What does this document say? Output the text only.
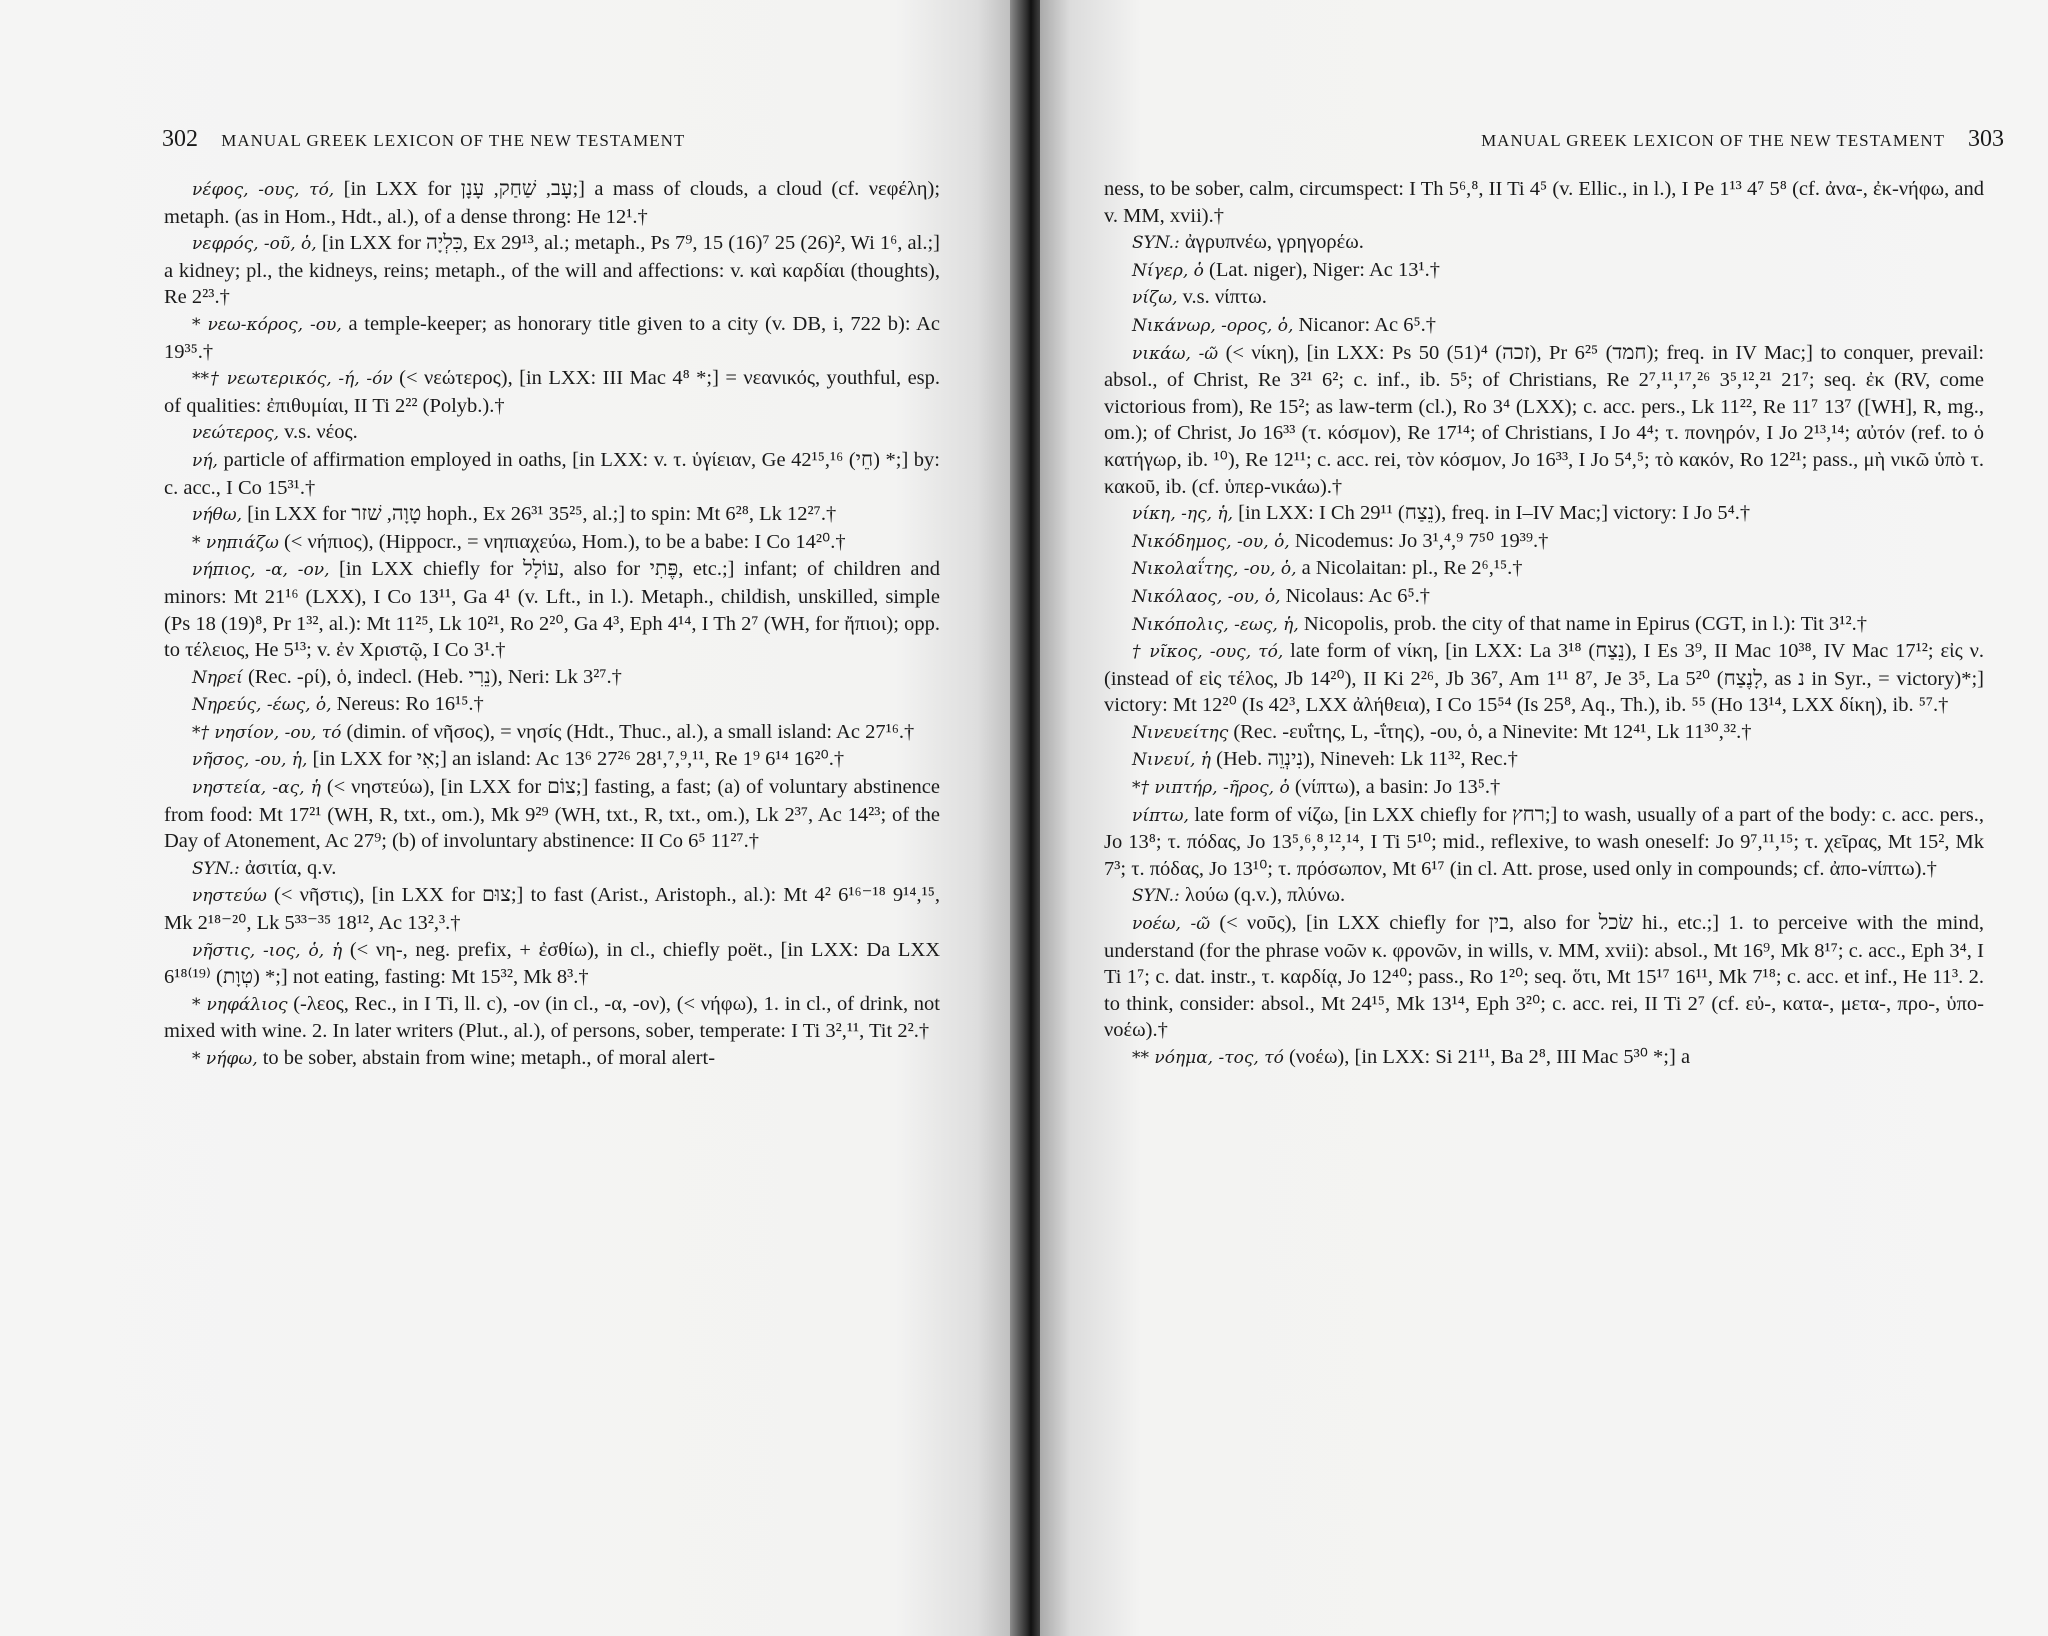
302 MANUAL GREEK LEXICON OF THE NEW TESTAMENT

νέφος, -ους, τό, [in LXX for עָב, שַׁחַק, עָנָן;] a mass of clouds, a cloud (cf. νεφέλη); metaph. (as in Hom., Hdt., al.), of a dense throng: He 12¹.†

νεφρός, -οῦ, ὁ, [in LXX for כִּלְיָה, Ex 29¹³, al.; metaph., Ps 7⁹, 15 (16)⁷ 25 (26)², Wi 1⁶, al.;] a kidney; pl., the kidneys, reins; metaph., of the will and affections: v. καὶ καρδίαι (thoughts), Re 2²³.†

* νεω-κόρος, -ου, a temple-keeper; as honorary title given to a city (v. DB, i, 722 b): Ac 19³⁵.†

**† νεωτερικός, -ή, -όν (< νεώτερος), [in LXX: III Mac 4⁸ *;] = νεανικός, youthful, esp. of qualities: ἐπιθυμίαι, II Ti 2²² (Polyb.).†

νεώτερος, v.s. νέος.

νή, particle of affirmation employed in oaths, [in LXX: v. τ. ὑγίειαν, Ge 42¹⁵,¹⁶ (חֵי) *;] by: c. acc., I Co 15³¹.†

νήθω, [in LXX for טָוָה, שׁזר hoph., Ex 26³¹ 35²⁵, al.;] to spin: Mt 6²⁸, Lk 12²⁷.†

* νηπιάζω (< νήπιος), (Hippocr., = νηπιαχεύω, Hom.), to be a babe: I Co 14²⁰.†

νήπιος, -α, -ον, [in LXX chiefly for עוֹלָל, also for פֶּתִי, etc.;] infant; of children and minors: Mt 21¹⁶ (LXX), I Co 13¹¹, Ga 4¹ (v. Lft., in l.). Metaph., childish, unskilled, simple (Ps 18 (19)⁸, Pr 1³², al.): Mt 11²⁵, Lk 10²¹, Ro 2²⁰, Ga 4³, Eph 4¹⁴, I Th 2⁷ (WH, for ἤπιοι); opp. to τέλειος, He 5¹³; v. ἐν Χριστῷ, I Co 3¹.†

Νηρεί (Rec. -ρί), ὁ, indecl. (Heb. נֵרִי), Neri: Lk 3²⁷.†

Νηρεύς, -έως, ὁ, Nereus: Ro 16¹⁵.†

*† νησίον, -ου, τό (dimin. of νῆσος), = νησίς (Hdt., Thuc., al.), a small island: Ac 27¹⁶.†

νῆσος, -ου, ἡ, [in LXX for אִי;] an island: Ac 13⁶ 27²⁶ 28¹,⁷,⁹,¹¹, Re 1⁹ 6¹⁴ 16²⁰.†

νηστεία, -ας, ἡ (< νηστεύω), [in LXX for צוֹם;] fasting, a fast; (a) of voluntary abstinence from food: Mt 17²¹ (WH, R, txt., om.), Mk 9²⁹ (WH, txt., R, txt., om.), Lk 2³⁷, Ac 14²³; of the Day of Atonement, Ac 27⁹; (b) of involuntary abstinence: II Co 6⁵ 11²⁷.†

SYN.: ἀσιτία, q.v.

νηστεύω (< νῆστις), [in LXX for צוּם;] to fast (Arist., Aristoph., al.): Mt 4² 6¹⁶⁻¹⁸ 9¹⁴,¹⁵, Mk 2¹⁸⁻²⁰, Lk 5³³⁻³⁵ 18¹², Ac 13²,³.†

νῆστις, -ιος, ὁ, ἡ (< νη-, neg. prefix, + ἐσθίω), in cl., chiefly poët., [in LXX: Da LXX 6¹⁸⁽¹⁹⁾ (טְוָת) *;] not eating, fasting: Mt 15³², Mk 8³.†

* νηφάλιος (-λεος, Rec., in I Ti, ll. c), -ον (in cl., -α, -ον), (< νήφω), 1. in cl., of drink, not mixed with wine. 2. In later writers (Plut., al.), of persons, sober, temperate: I Ti 3²,¹¹, Tit 2².†

* νήφω, to be sober, abstain from wine; metaph., of moral alert-

MANUAL GREEK LEXICON OF THE NEW TESTAMENT 303

ness, to be sober, calm, circumspect: I Th 5⁶,⁸, II Ti 4⁵ (v. Ellic., in l.), I Pe 1¹³ 4⁷ 5⁸ (cf. ἀνα-, ἐκ-νήφω, and v. MM, xvii).†

SYN.: ἀγρυπνέω, γρηγορέω.

Νίγερ, ὁ (Lat. niger), Niger: Ac 13¹.†

νίζω, v.s. νίπτω.

Νικάνωρ, -ορος, ὁ, Nicanor: Ac 6⁵.†

νικάω, -ῶ (< νίκη), [in LXX: Ps 50 (51)⁴ (זכה), Pr 6²⁵ (חמד); freq. in IV Mac;] to conquer, prevail: absol., of Christ, Re 3²¹ 6²; c. inf., ib. 5⁵; of Christians, Re 2⁷,¹¹,¹⁷,²⁶ 3⁵,¹²,²¹ 21⁷; seq. ἐκ (RV, come victorious from), Re 15²; as law-term (cl.), Ro 3⁴ (LXX); c. acc. pers., Lk 11²², Re 11⁷ 13⁷ ([WH], R, mg., om.); of Christ, Jo 16³³ (τ. κόσμον), Re 17¹⁴; of Christians, I Jo 4⁴; τ. πονηρόν, I Jo 2¹³,¹⁴; αὐτόν (ref. to ὁ κατήγωρ, ib. ¹⁰), Re 12¹¹; c. acc. rei, τὸν κόσμον, Jo 16³³, I Jo 5⁴,⁵; τὸ κακόν, Ro 12²¹; pass., μὴ νικῶ ὑπὸ τ. κακοῦ, ib. (cf. ὑπερ-νικάω).†

νίκη, -ης, ἡ, [in LXX: I Ch 29¹¹ (נֵצַח), freq. in I–IV Mac;] victory: I Jo 5⁴.†

Νικόδημος, -ου, ὁ, Nicodemus: Jo 3¹,⁴,⁹ 7⁵⁰ 19³⁹.†

Νικολαΐτης, -ου, ὁ, a Nicolaitan: pl., Re 2⁶,¹⁵.†

Νικόλαος, -ου, ὁ, Nicolaus: Ac 6⁵.†

Νικόπολις, -εως, ἡ, Nicopolis, prob. the city of that name in Epirus (CGT, in l.): Tit 3¹².†

† νῖκος, -ους, τό, late form of νίκη, [in LXX: La 3¹⁸ (נֵצַח), I Es 3⁹, II Mac 10³⁸, IV Mac 17¹²; εἰς ν. (instead of εἰς τέλος, Jb 14²⁰), II Ki 2²⁶, Jb 36⁷, Am 1¹¹ 8⁷, Je 3⁵, La 5²⁰ (לָנֶצַח, as נ in Syr., = victory)*;] victory: Mt 12²⁰ (Is 42³, LXX ἀλήθεια), I Co 15⁵⁴ (Is 25⁸, Aq., Th.), ib. ⁵⁵ (Ho 13¹⁴, LXX δίκη), ib. ⁵⁷.†

Νινευείτης (Rec. -ευΐτης, L, -ΐτης), -ου, ὁ, a Ninevite: Mt 12⁴¹, Lk 11³⁰,³².†

Νινευί, ἡ (Heb. נִינְוֵה), Nineveh: Lk 11³², Rec.†

*† νιπτήρ, -ῆρος, ὁ (νίπτω), a basin: Jo 13⁵.†

νίπτω, late form of νίζω, [in LXX chiefly for רחץ;] to wash, usually of a part of the body: c. acc. pers., Jo 13⁸; τ. πόδας, Jo 13⁵,⁶,⁸,¹²,¹⁴, I Ti 5¹⁰; mid., reflexive, to wash oneself: Jo 9⁷,¹¹,¹⁵; τ. χεῖρας, Mt 15², Mk 7³; τ. πόδας, Jo 13¹⁰; τ. πρόσωπον, Mt 6¹⁷ (in cl. Att. prose, used only in compounds; cf. ἀπο-νίπτω).†

SYN.: λούω (q.v.), πλύνω.

νοέω, -ῶ (< νοῦς), [in LXX chiefly for בין, also for שׂכל hi., etc.;] 1. to perceive with the mind, understand (for the phrase νοῶν κ. φρονῶν, in wills, v. MM, xvii): absol., Mt 16⁹, Mk 8¹⁷; c. acc., Eph 3⁴, I Ti 1⁷; c. dat. instr., τ. καρδίᾳ, Jo 12⁴⁰; pass., Ro 1²⁰; seq. ὅτι, Mt 15¹⁷ 16¹¹, Mk 7¹⁸; c. acc. et inf., He 11³. 2. to think, consider: absol., Mt 24¹⁵, Mk 13¹⁴, Eph 3²⁰; c. acc. rei, II Ti 2⁷ (cf. εὐ-, κατα-, μετα-, προ-, ὑπο-νοέω).†

** νόημα, -τος, τό (νοέω), [in LXX: Si 21¹¹, Ba 2⁸, III Mac 5³⁰ *;] a
